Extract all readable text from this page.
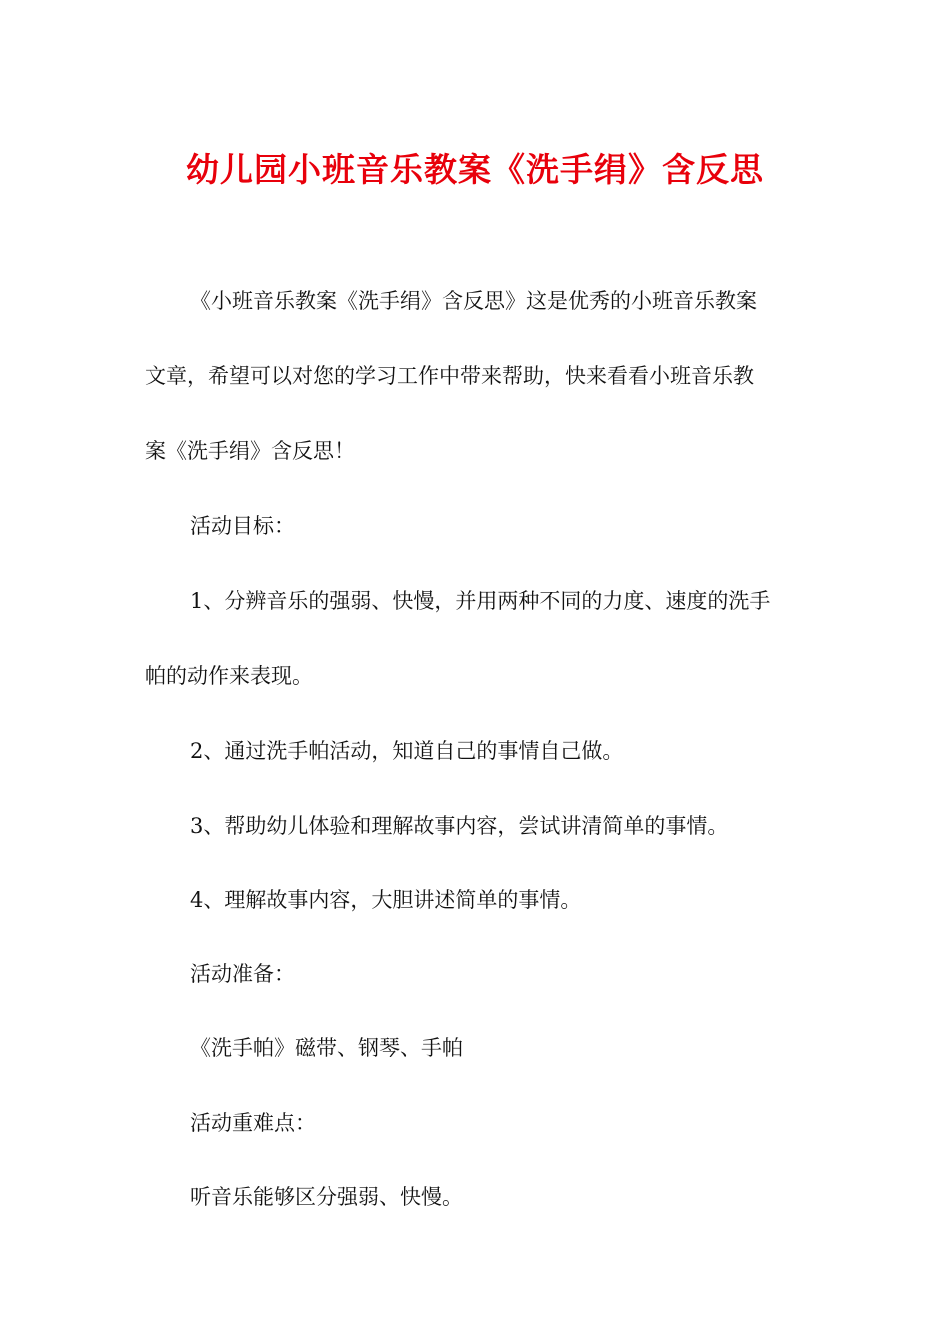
幼儿园小班音乐教案《洗手绢》含反思
《小班音乐教案《洗手绢》含反思》这是优秀的小班音乐教案
文章，希望可以对您的学习工作中带来帮助，快来看看小班音乐教
案《洗手绢》含反思！
活动目标：
1、分辨音乐的强弱、快慢，并用两种不同的力度、速度的洗手
帕的动作来表现。
2、通过洗手帕活动，知道自己的事情自己做。
3、帮助幼儿体验和理解故事内容，尝试讲清简单的事情。
4、理解故事内容，大胆讲述简单的事情。
活动准备：
《洗手帕》磁带、钢琴、手帕
活动重难点：
听音乐能够区分强弱、快慢。
